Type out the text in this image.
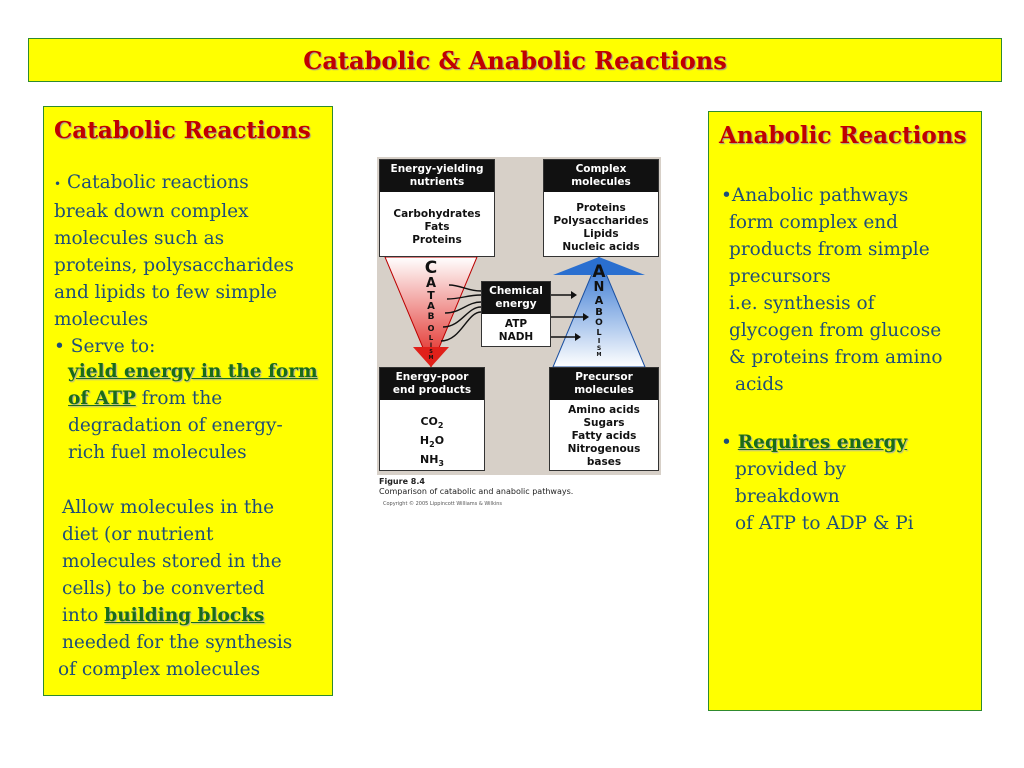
Catabolic & Anabolic Reactions
Catabolic Reactions
• Catabolic reactions
break down complex
molecules such as
proteins, polysaccharides
and lipids to few simple
molecules
• Serve to:
yield energy in the form
of ATP from the
degradation of energy-
rich fuel molecules
Allow molecules in the
diet (or nutrient
molecules stored in the
cells) to be converted
into building blocks
needed for the synthesis
of complex molecules
Anabolic Reactions
•Anabolic pathways
form complex end
products from simple
precursors
i.e. synthesis of
glycogen from glucose
& proteins from amino
acids
• Requires energy
provided by
breakdown
of ATP to ADP & Pi
C
A
T
A
B
O
L
I
S
M
A
N
A
B
O
L
I
S
M
Energy-yielding
nutrients
Carbohydrates
Fats
Proteins
Complex
molecules
Proteins
Polysaccharides
Lipids
Nucleic acids
Chemical
energy
ATP
NADH
Energy-poor
end products
$CO_2$
$H_2O$
$NH_3$
Precursor
molecules
Amino acids
Sugars
Fatty acids
Nitrogenous
bases
Figure 8.4
Comparison of catabolic and anabolic pathways.
Copyright © 2005 Lippincott Williams & Wilkins
